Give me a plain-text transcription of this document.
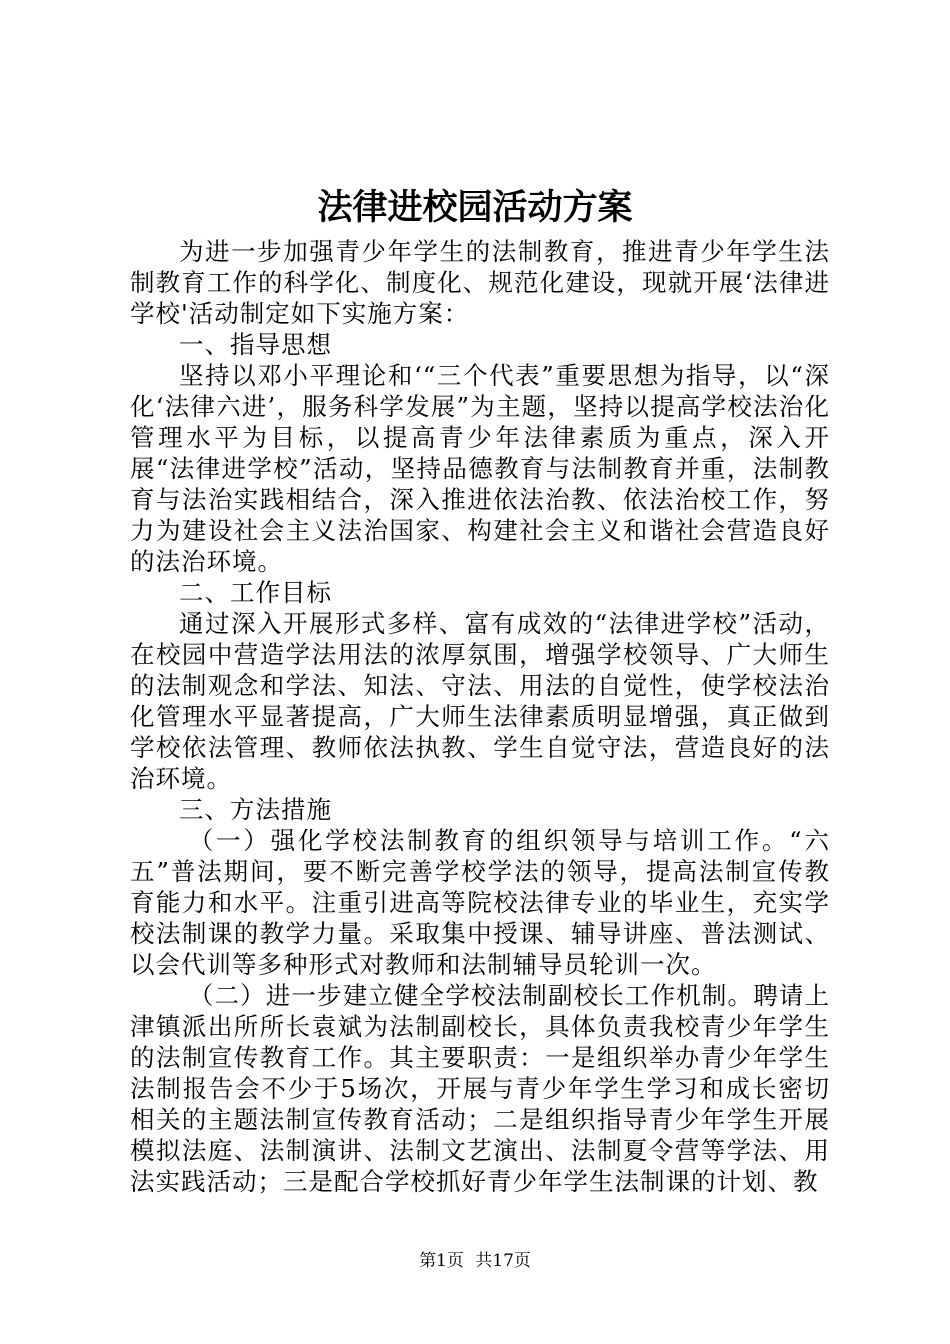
法律进校园活动方案

为进一步加强青少年学生的法制教育，推进青少年学生法制教育工作的科学化、制度化、规范化建设，现就开展‘法律进学校'活动制定如下实施方案：

一、指导思想

坚持以邓小平理论和‘“三个代表”重要思想为指导，以“深化‘法律六进’，服务科学发展”为主题，坚持以提高学校法治化管理水平为目标，以提高青少年法律素质为重点，深入开展“法律进学校”活动，坚持品德教育与法制教育并重，法制教育与法治实践相结合，深入推进依法治教、依法治校工作，努力为建设社会主义法治国家、构建社会主义和谐社会营造良好的法治环境。

二、工作目标

通过深入开展形式多样、富有成效的“法律进学校”活动，在校园中营造学法用法的浓厚氛围，增强学校领导、广大师生的法制观念和学法、知法、守法、用法的自觉性，使学校法治化管理水平显著提高，广大师生法律素质明显增强，真正做到学校依法管理、教师依法执教、学生自觉守法，营造良好的法治环境。

三、方法措施

（一）强化学校法制教育的组织领导与培训工作。“六五”普法期间，要不断完善学校学法的领导，提高法制宣传教育能力和水平。注重引进高等院校法律专业的毕业生，充实学校法制课的教学力量。采取集中授课、辅导讲座、普法测试、以会代训等多种形式对教师和法制辅导员轮训一次。

（二）进一步建立健全学校法制副校长工作机制。聘请上津镇派出所所长袁斌为法制副校长，具体负责我校青少年学生的法制宣传教育工作。其主要职责：一是组织举办青少年学生法制报告会不少于5场次，开展与青少年学生学习和成长密切相关的主题法制宣传教育活动；二是组织指导青少年学生开展模拟法庭、法制演讲、法制文艺演出、法制夏令营等学法、用法实践活动；三是配合学校抓好青少年学生法制课的计划、教

第1页 共17页
